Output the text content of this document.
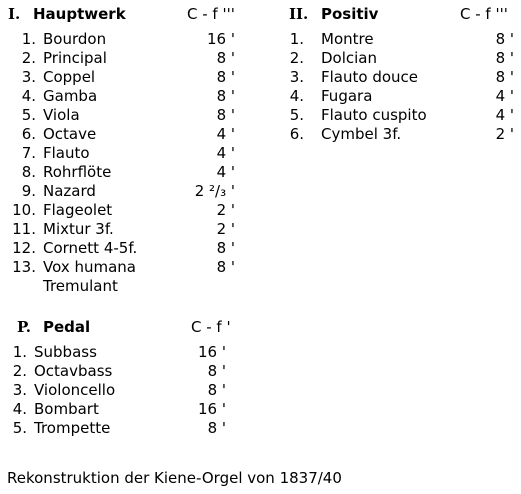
I. Hauptwerk	C - f '''
1. Bourdon	16 '
2. Principal	8 '
3. Coppel	8 '
4. Gamba	8 '
5. Viola	8 '
6. Octave	4 '
7. Flauto	4 '
8. Rohrflöte	4 '
9. Nazard	2 ²/₃ '
10. Flageolet	2 '
11. Mixtur 3f.	2 '
12. Cornett 4-5f.	8 '
13. Vox humana	8 '
Tremulant
II. Positiv	C - f '''
1. Montre	8 '
2. Dolcian	8 '
3. Flauto douce	8 '
4. Fugara	4 '
5. Flauto cuspito	4 '
6. Cymbel 3f.	2 '
P. Pedal	C - f '
1. Subbass	16 '
2. Octavbass	8 '
3. Violoncello	8 '
4. Bombart	16 '
5. Trompette	8 '
Rekonstruktion der Kiene-Orgel von 1837/40
